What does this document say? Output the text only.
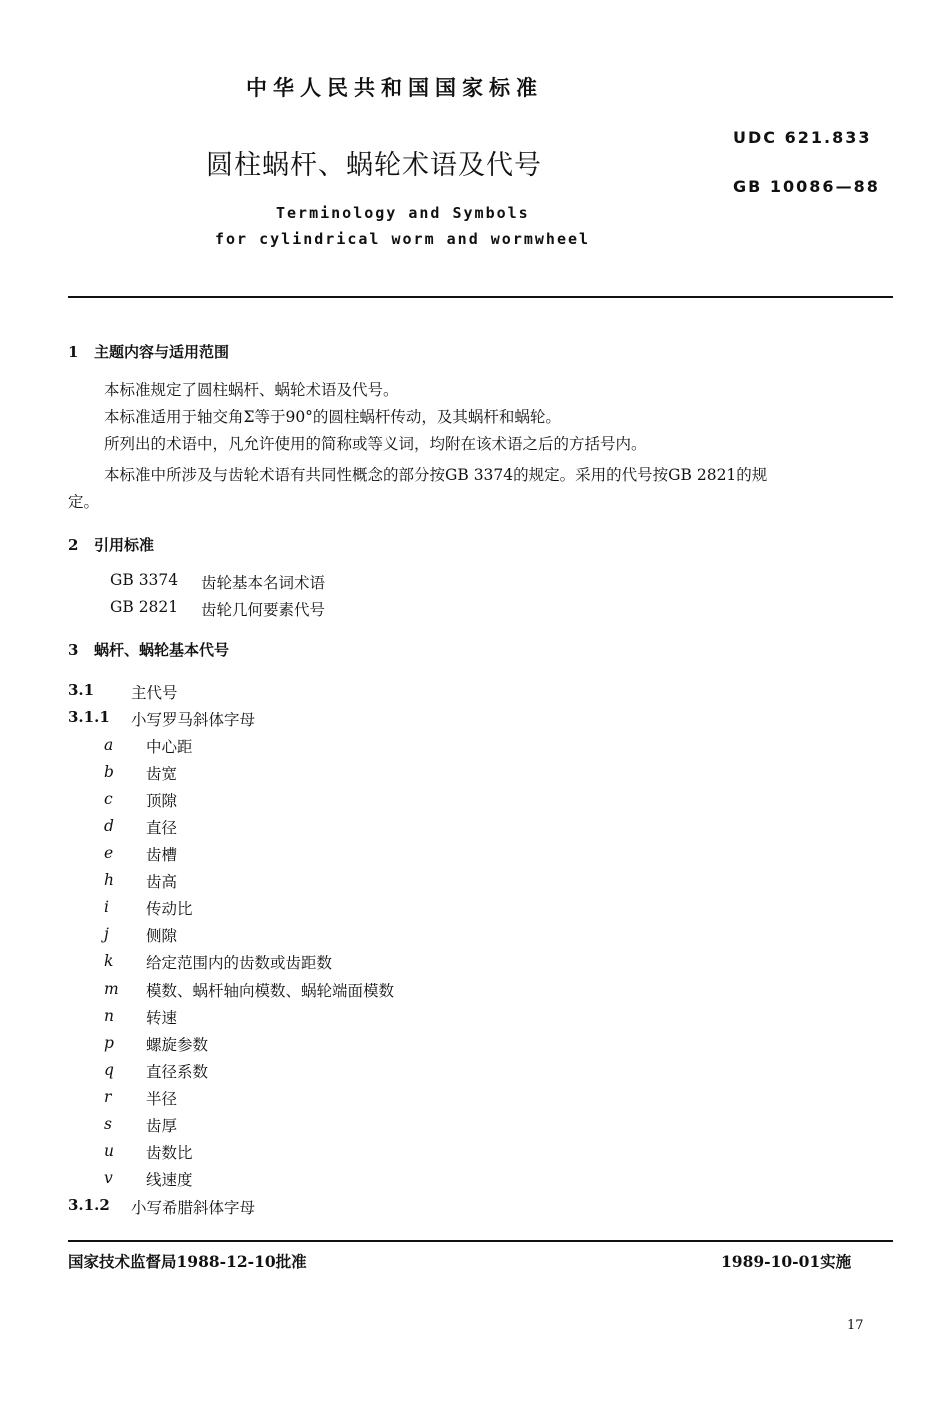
中华人民共和国国家标准
圆柱蜗杆、蜗轮术语及代号
Terminology and Symbols
for cylindrical worm and wormwheel
UDC 621.833
GB 10086—88
1 主题内容与适用范围
本标准规定了圆柱蜗杆、蜗轮术语及代号。
本标准适用于轴交角Σ等于90°的圆柱蜗杆传动，及其蜗杆和蜗轮。
所列出的术语中，凡允许使用的简称或等义词，均附在该术语之后的方括号内。
本标准中所涉及与齿轮术语有共同性概念的部分按GB 3374的规定。采用的代号按GB 2821的规
定。
2 引用标准
GB 3374 齿轮基本名词术语
GB 2821 齿轮几何要素代号
3 蜗杆、蜗轮基本代号
3.1 主代号
3.1.1 小写罗马斜体字母
a 中心距
b 齿宽
c 顶隙
d 直径
e 齿槽
h 齿高
i 传动比
j 侧隙
k 给定范围内的齿数或齿距数
m 模数、蜗杆轴向模数、蜗轮端面模数
n 转速
p 螺旋参数
q 直径系数
r 半径
s 齿厚
u 齿数比
v 线速度
3.1.2 小写希腊斜体字母
国家技术监督局1988-12-10批准	1989-10-01实施
17
